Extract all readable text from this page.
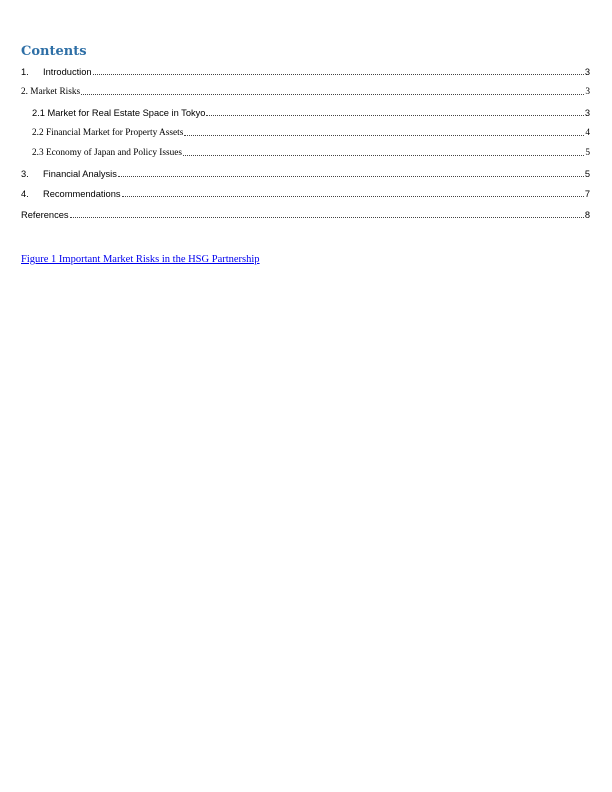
Contents
1.	Introduction	3
2. Market Risks	3
2.1 Market for Real Estate Space in Tokyo	3
2.2 Financial Market for Property Assets	4
2.3 Economy of Japan and Policy Issues	5
3.	Financial Analysis	5
4.	Recommendations	7
References	8
Figure 1 Important Market Risks in the HSG Partnership
